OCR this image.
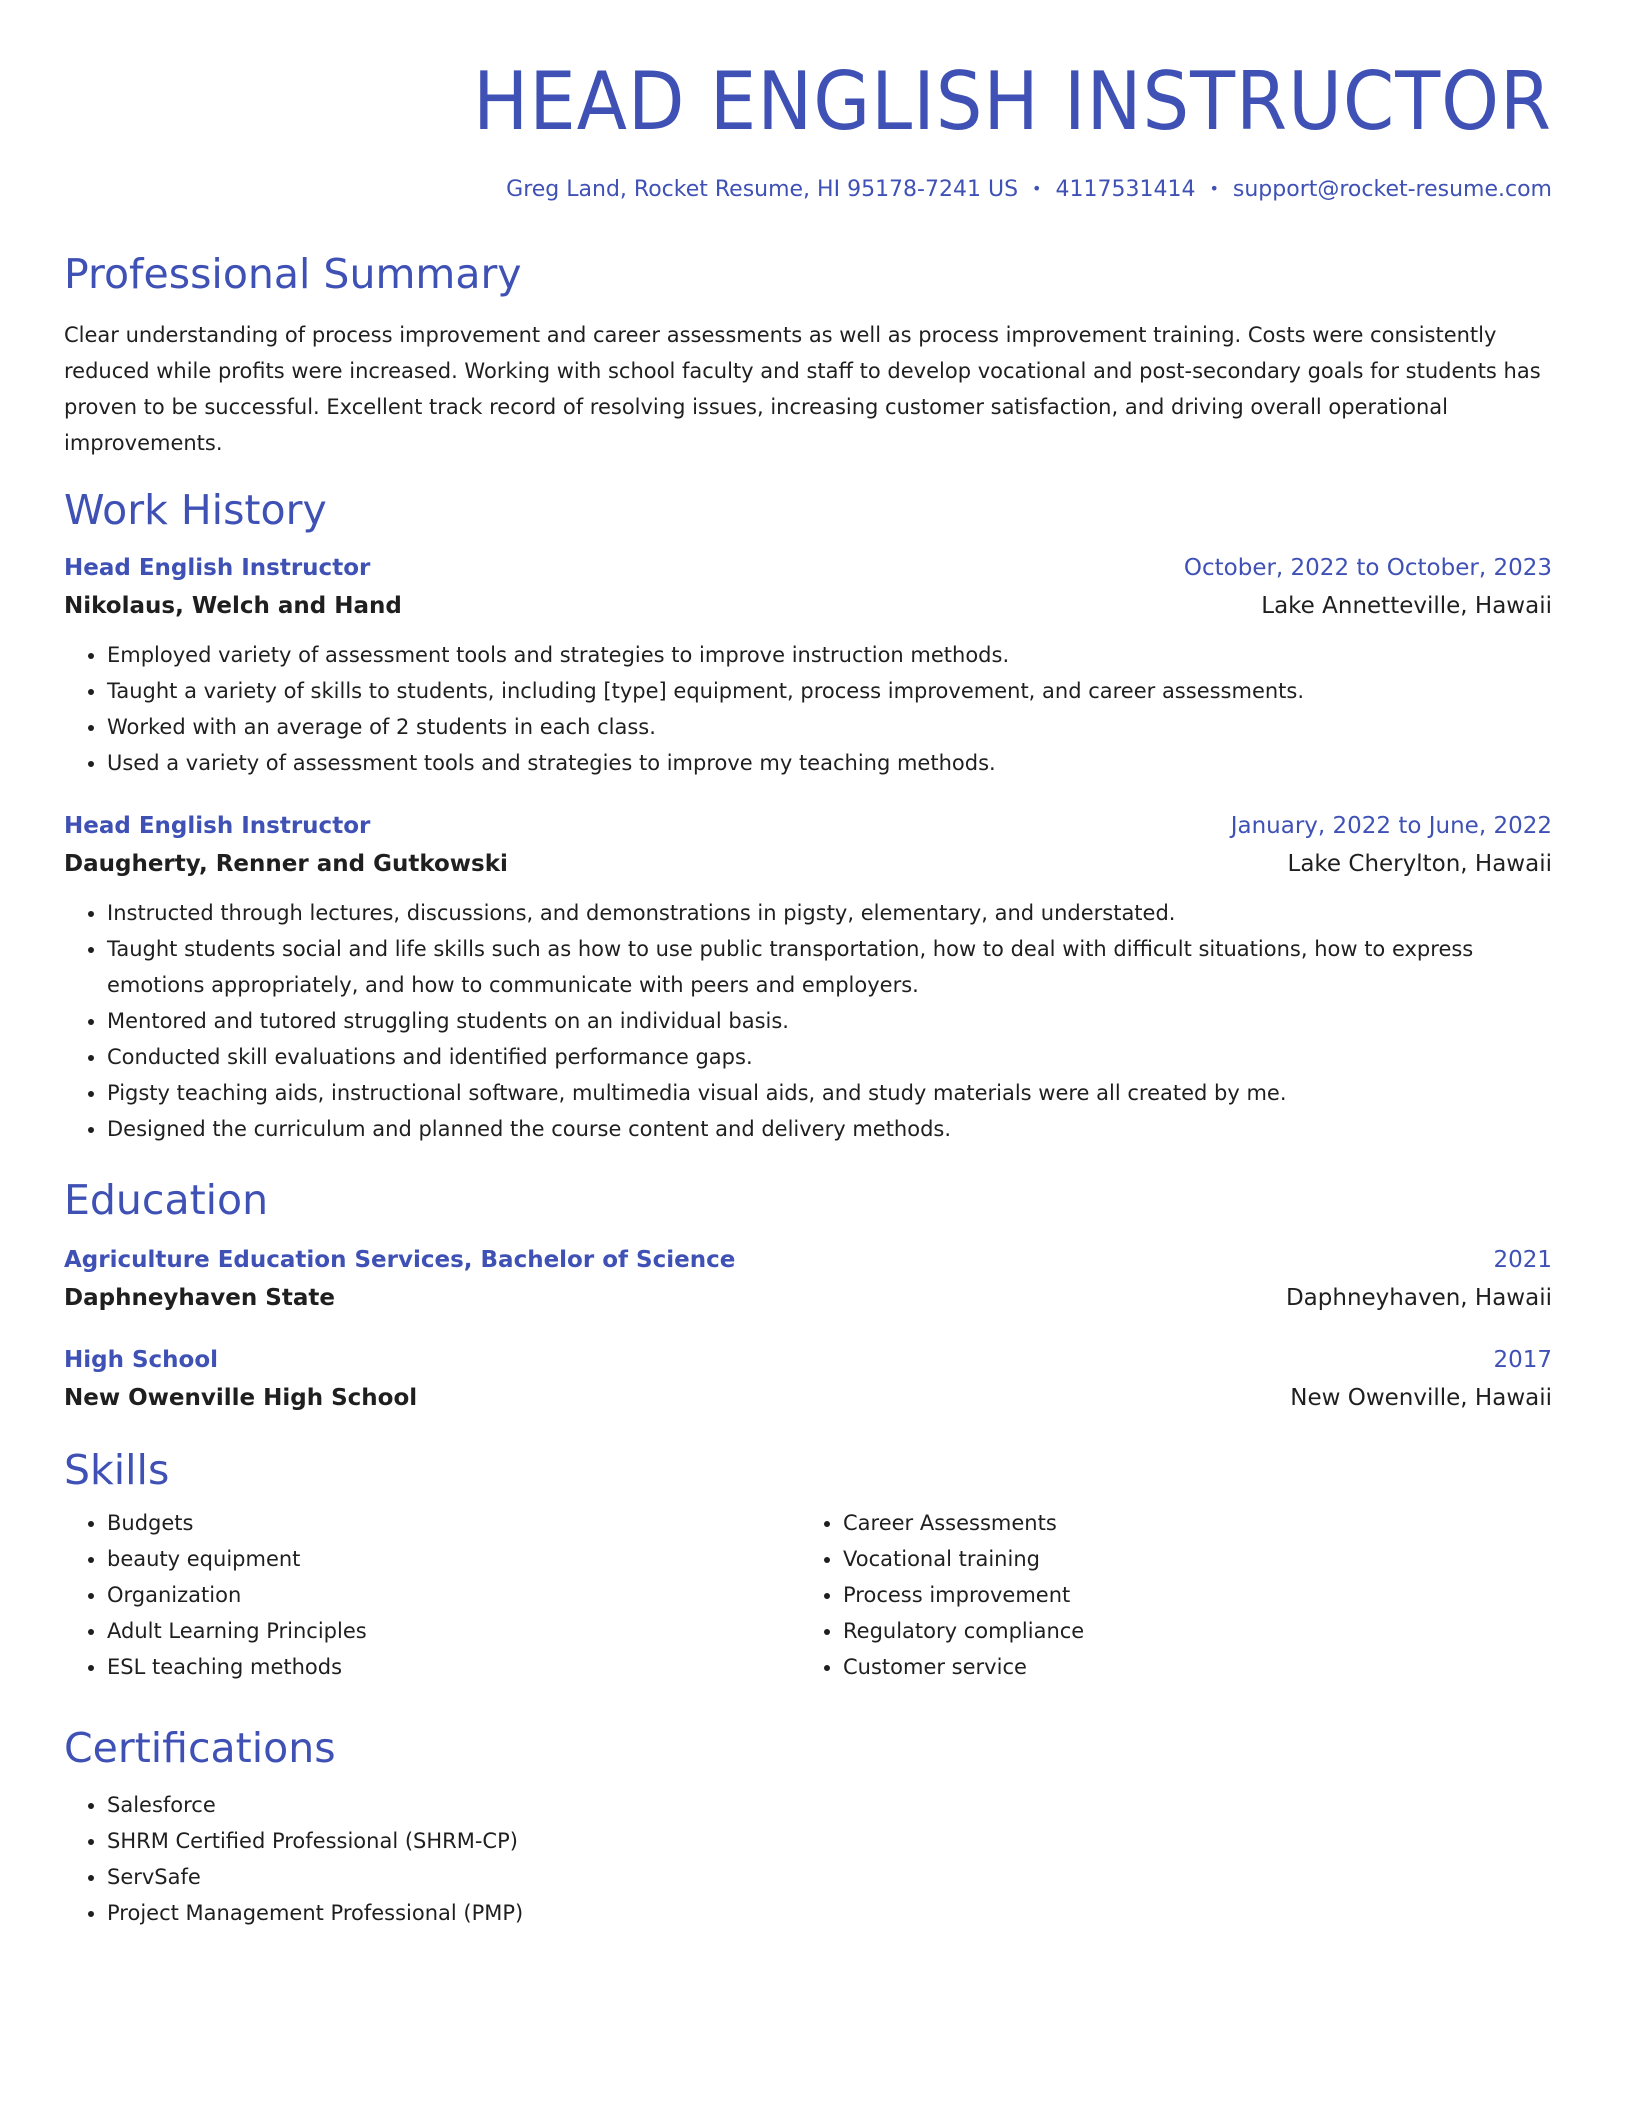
HEAD ENGLISH INSTRUCTOR
Greg Land, Rocket Resume, HI 95178-7241 US • 4117531414 • support@rocket-resume.com
Professional Summary
Clear understanding of process improvement and career assessments as well as process improvement training. Costs were consistently reduced while profits were increased. Working with school faculty and staff to develop vocational and post-secondary goals for students has proven to be successful. Excellent track record of resolving issues, increasing customer satisfaction, and driving overall operational improvements.
Work History
Head English Instructor	October, 2022 to October, 2023
Nikolaus, Welch and Hand	Lake Annetteville, Hawaii
• Employed variety of assessment tools and strategies to improve instruction methods.
• Taught a variety of skills to students, including [type] equipment, process improvement, and career assessments.
• Worked with an average of 2 students in each class.
• Used a variety of assessment tools and strategies to improve my teaching methods.
Head English Instructor	January, 2022 to June, 2022
Daugherty, Renner and Gutkowski	Lake Cherylton, Hawaii
• Instructed through lectures, discussions, and demonstrations in pigsty, elementary, and understated.
• Taught students social and life skills such as how to use public transportation, how to deal with difficult situations, how to express emotions appropriately, and how to communicate with peers and employers.
• Mentored and tutored struggling students on an individual basis.
• Conducted skill evaluations and identified performance gaps.
• Pigsty teaching aids, instructional software, multimedia visual aids, and study materials were all created by me.
• Designed the curriculum and planned the course content and delivery methods.
Education
Agriculture Education Services, Bachelor of Science	2021
Daphneyhaven State	Daphneyhaven, Hawaii
High School	2017
New Owenville High School	New Owenville, Hawaii
Skills
• Budgets
• beauty equipment
• Organization
• Adult Learning Principles
• ESL teaching methods
• Career Assessments
• Vocational training
• Process improvement
• Regulatory compliance
• Customer service
Certifications
• Salesforce
• SHRM Certified Professional (SHRM-CP)
• ServSafe
• Project Management Professional (PMP)
